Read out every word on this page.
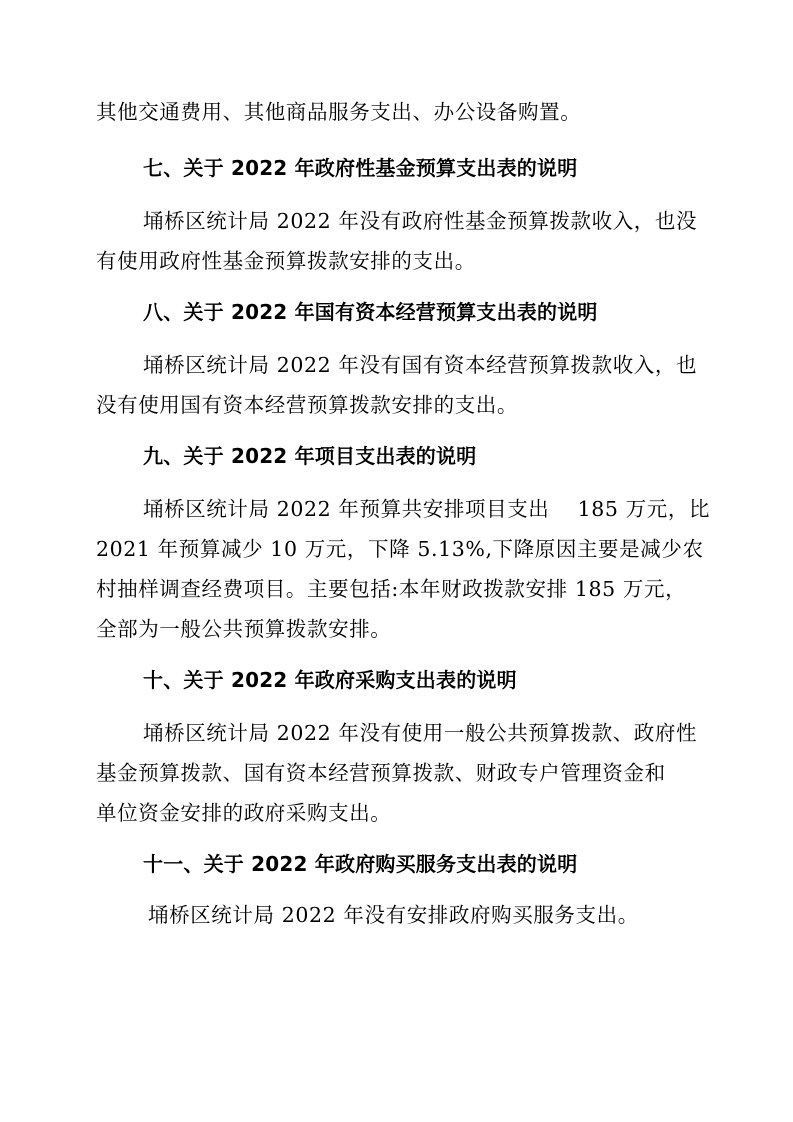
其他交通费用、其他商品服务支出、办公设备购置。
七、关于 2022 年政府性基金预算支出表的说明
埇桥区统计局 2022 年没有政府性基金预算拨款收入，也没
有使用政府性基金预算拨款安排的支出。
八、关于 2022 年国有资本经营预算支出表的说明
埇桥区统计局 2022 年没有国有资本经营预算拨款收入，也
没有使用国有资本经营预算拨款安排的支出。
九、关于 2022 年项目支出表的说明
埇桥区统计局 2022 年预算共安排项目支出　 185 万元，比
2021 年预算减少 10 万元，下降 5.13%,下降原因主要是减少农
村抽样调查经费项目。主要包括:本年财政拨款安排 185 万元，
全部为一般公共预算拨款安排。
十、关于 2022 年政府采购支出表的说明
埇桥区统计局 2022 年没有使用一般公共预算拨款、政府性
基金预算拨款、国有资本经营预算拨款、财政专户管理资金和
单位资金安排的政府采购支出。
十一、关于 2022 年政府购买服务支出表的说明
埇桥区统计局 2022 年没有安排政府购买服务支出。
